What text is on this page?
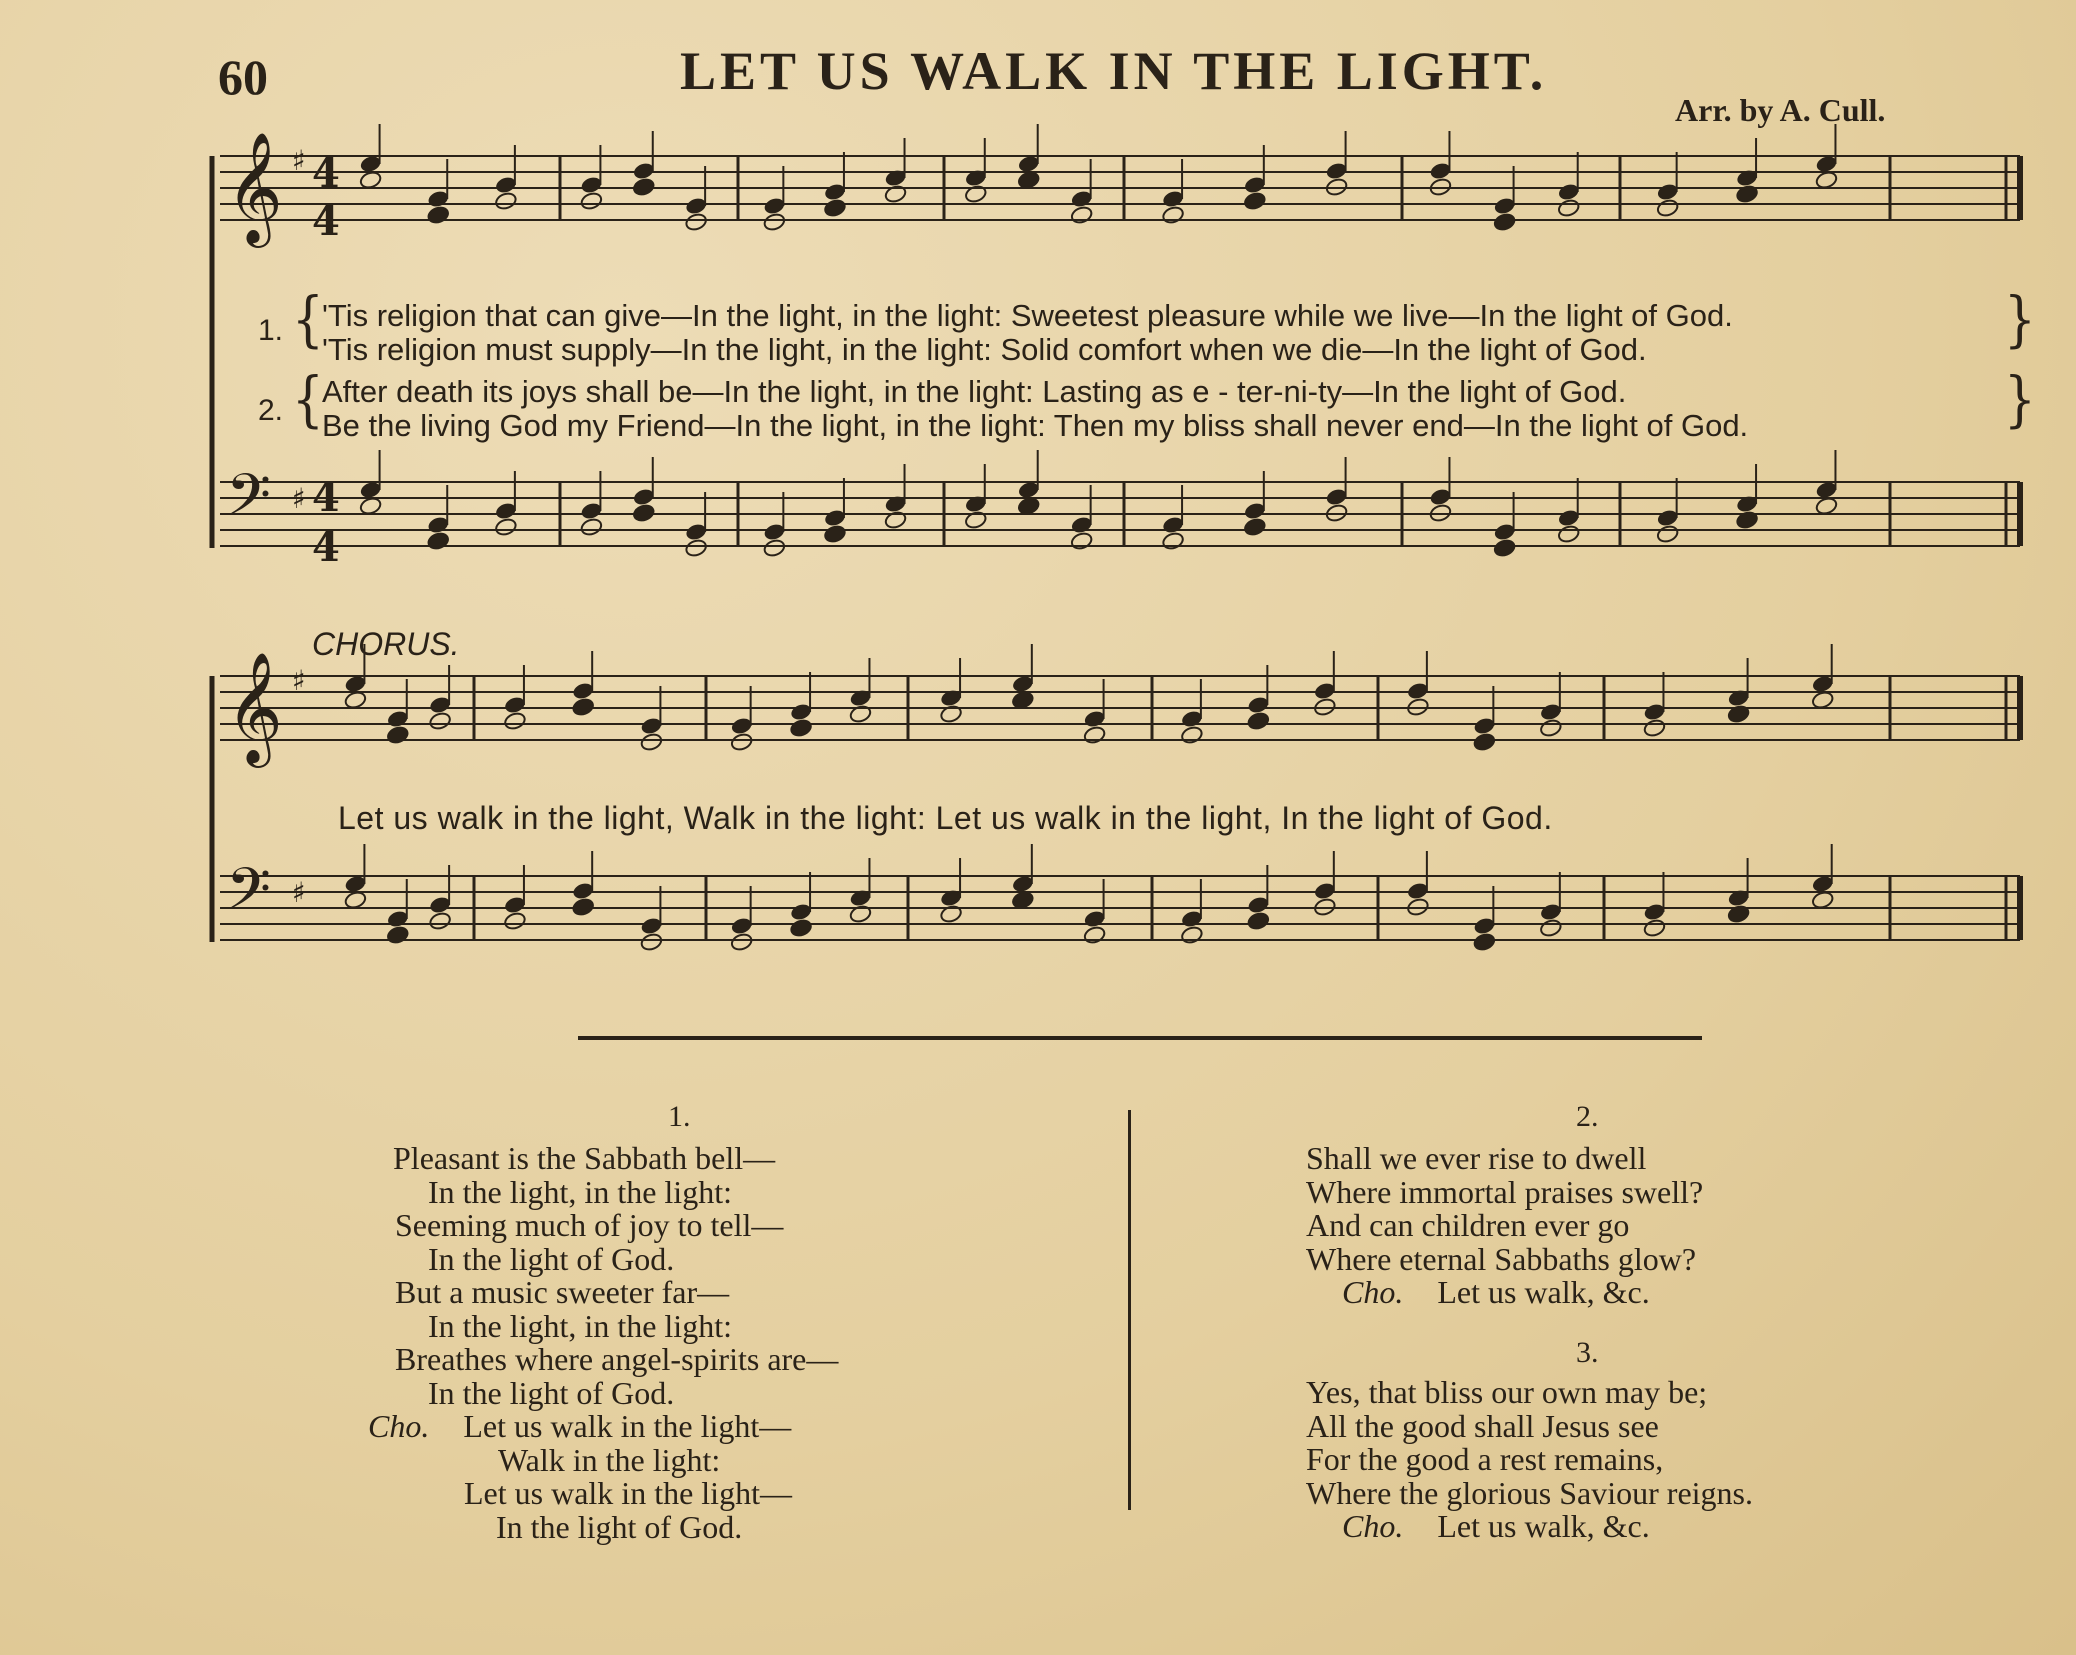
60	LET US WALK IN THE LIGHT.
Arr. by A. Cull.
𝄞 ♯
𝄢 ♯
𝄞 ♯
𝄢 ♯
4
4
4
4
1. {
'Tis religion that can give—In the light, in the light: Sweetest pleasure while we live—In the light of God.
'Tis religion must supply—In the light, in the light: Solid comfort when we die—In the light of God.	}
2. {
After death its joys shall be—In the light, in the light: Lasting as e - ter-ni-ty—In the light of God.
Be the living God my Friend—In the light, in the light: Then my bliss shall never end—In the light of God.	}
CHORUS.
Let us walk in the light, Walk in the light: Let us walk in the light, In the light of God.
1.
Pleasant is the Sabbath bell—
In the light, in the light:
Seeming much of joy to tell—
In the light of God.
But a music sweeter far—
In the light, in the light:
Breathes where angel-spirits are—
In the light of God.
Cho. Let us walk in the light—
Walk in the light:
Let us walk in the light—
In the light of God.
2.
Shall we ever rise to dwell
Where immortal praises swell?
And can children ever go
Where eternal Sabbaths glow?
Cho. Let us walk, &c.
3.
Yes, that bliss our own may be;
All the good shall Jesus see
For the good a rest remains,
Where the glorious Saviour reigns.
Cho. Let us walk, &c.
